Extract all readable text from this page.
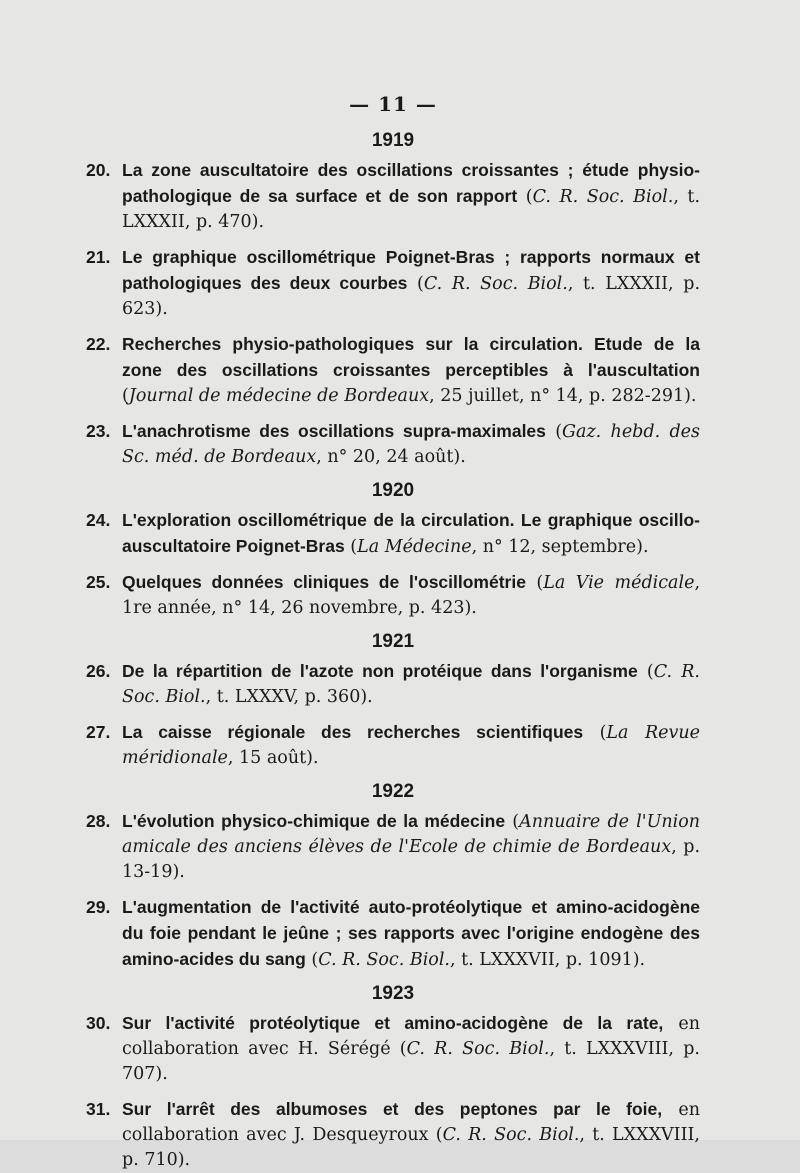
— 11 —
1919
20. La zone auscultatoire des oscillations croissantes ; étude physio-pathologique de sa surface et de son rapport (C. R. Soc. Biol., t. LXXXII, p. 470).
21. Le graphique oscillométrique Poignet-Bras ; rapports normaux et pathologiques des deux courbes (C. R. Soc. Biol., t. LXXXII, p. 623).
22. Recherches physio-pathologiques sur la circulation. Etude de la zone des oscillations croissantes perceptibles à l'auscultation (Journal de médecine de Bordeaux, 25 juillet, n° 14, p. 282-291).
23. L'anachrotisme des oscillations supra-maximales (Gaz. hebd. des Sc. méd. de Bordeaux, n° 20, 24 août).
1920
24. L'exploration oscillométrique de la circulation. Le graphique oscillo-auscultatoire Poignet-Bras (La Médecine, n° 12, septembre).
25. Quelques données cliniques de l'oscillométrie (La Vie médicale, 1re année, n° 14, 26 novembre, p. 423).
1921
26. De la répartition de l'azote non protéique dans l'organisme (C. R. Soc. Biol., t. LXXXV, p. 360).
27. La caisse régionale des recherches scientifiques (La Revue méridionale, 15 août).
1922
28. L'évolution physico-chimique de la médecine (Annuaire de l'Union amicale des anciens élèves de l'Ecole de chimie de Bordeaux, p. 13-19).
29. L'augmentation de l'activité auto-protéolytique et amino-acidogène du foie pendant le jeûne ; ses rapports avec l'origine endogène des amino-acides du sang (C. R. Soc. Biol., t. LXXXVII, p. 1091).
1923
30. Sur l'activité protéolytique et amino-acidogène de la rate, en collaboration avec H. Sérégé (C. R. Soc. Biol., t. LXXXVIII, p. 707).
31. Sur l'arrêt des albumoses et des peptones par le foie, en collaboration avec J. Desqueyroux (C. R. Soc. Biol., t. LXXXVIII, p. 710).
